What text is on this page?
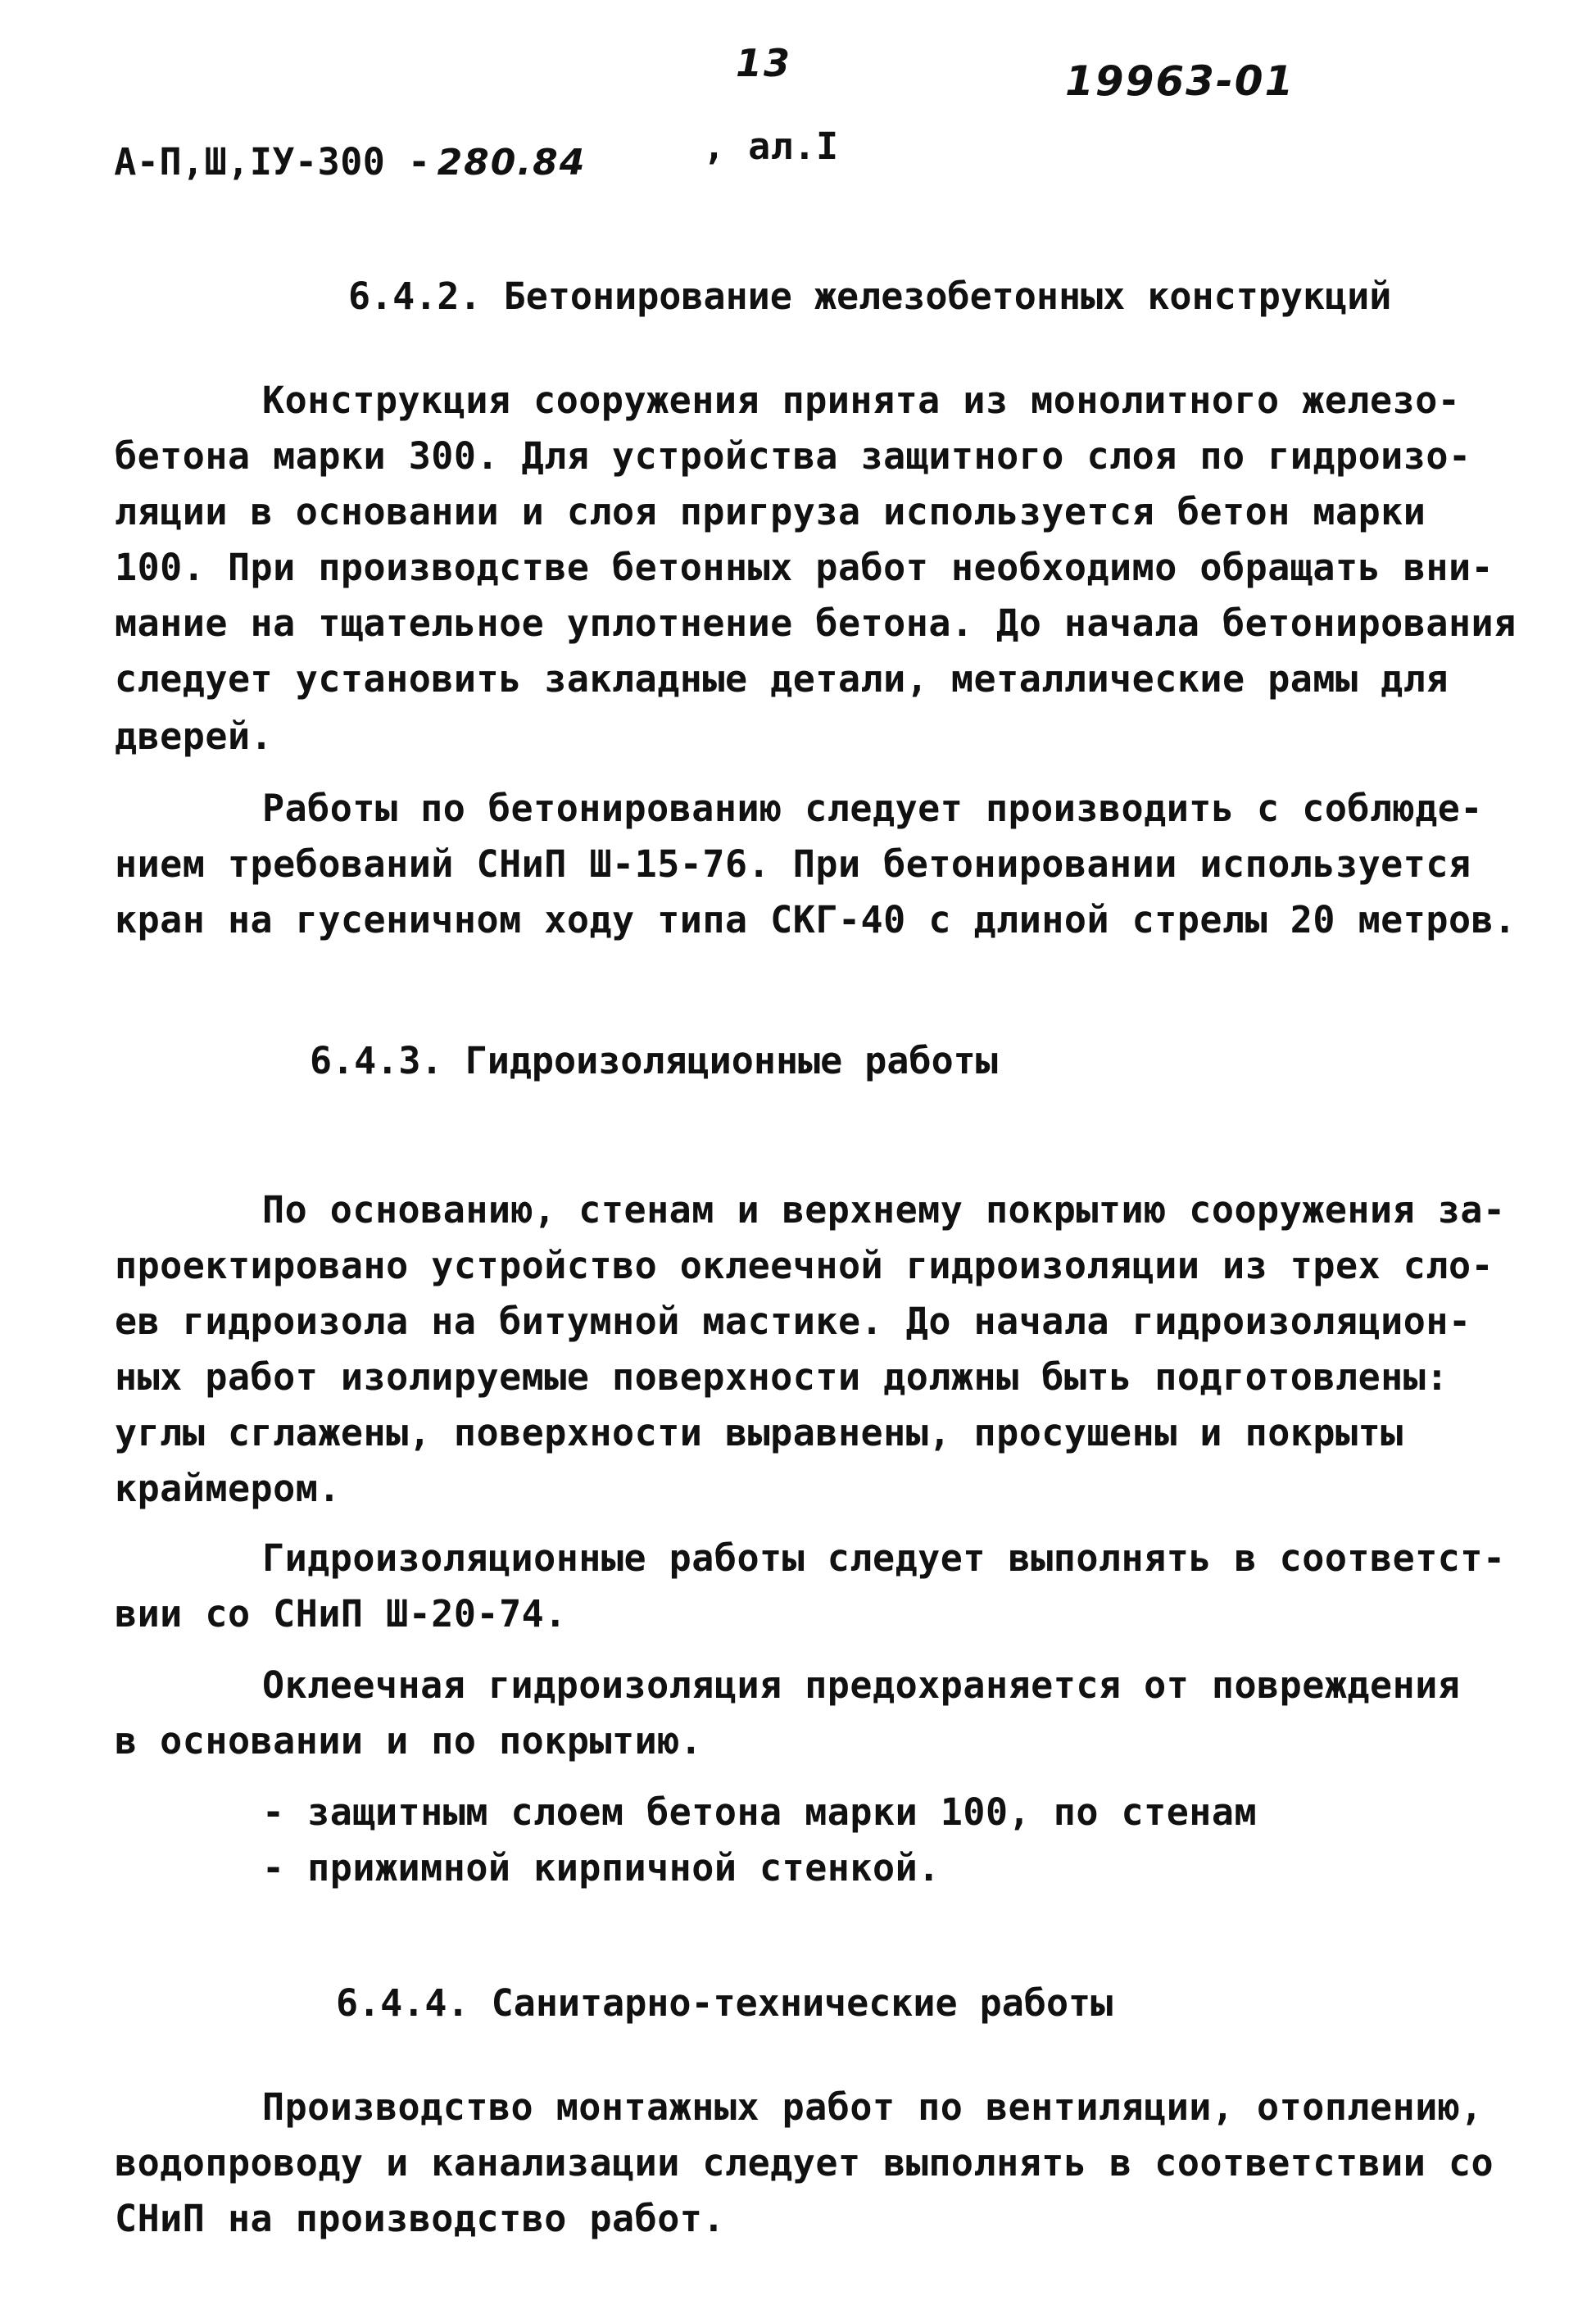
13	19963-01

А-П,Ш,IУ-300 - 280.84	, ал.I
6.4.2. Бетонирование железобетонных конструкций

Конструкция сооружения принята из монолитного железо-

бетона марки 300. Для устройства защитного слоя по гидроизо-

ляции в основании и слоя пригруза используется бетон марки

100. При производстве бетонных работ необходимо обращать вни-

мание на тщательное уплотнение бетона. До начала бетонирования

следует установить закладные детали, металлические рамы для

дверей.

Работы по бетонированию следует производить с соблюде-

нием требований СНиП Ш-15-76. При бетонировании используется

кран на гусеничном ходу типа СКГ-40 с длиной стрелы 20 метров.

6.4.3. Гидроизоляционные работы

По основанию, стенам и верхнему покрытию сооружения за-

проектировано устройство оклеечной гидроизоляции из трех сло-

ев гидроизола на битумной мастике. До начала гидроизоляцион-

ных работ изолируемые поверхности должны быть подготовлены:

углы сглажены, поверхности выравнены, просушены и покрыты

краймером.

Гидроизоляционные работы следует выполнять в соответст-

вии со СНиП Ш-20-74.

Оклеечная гидроизоляция предохраняется от повреждения

в основании и по покрытию.

- защитным слоем бетона марки 100, по стенам

- прижимной кирпичной стенкой.

6.4.4. Санитарно-технические работы

Производство монтажных работ по вентиляции, отоплению,

водопроводу и канализации следует выполнять в соответствии со

СНиП на производство работ.
